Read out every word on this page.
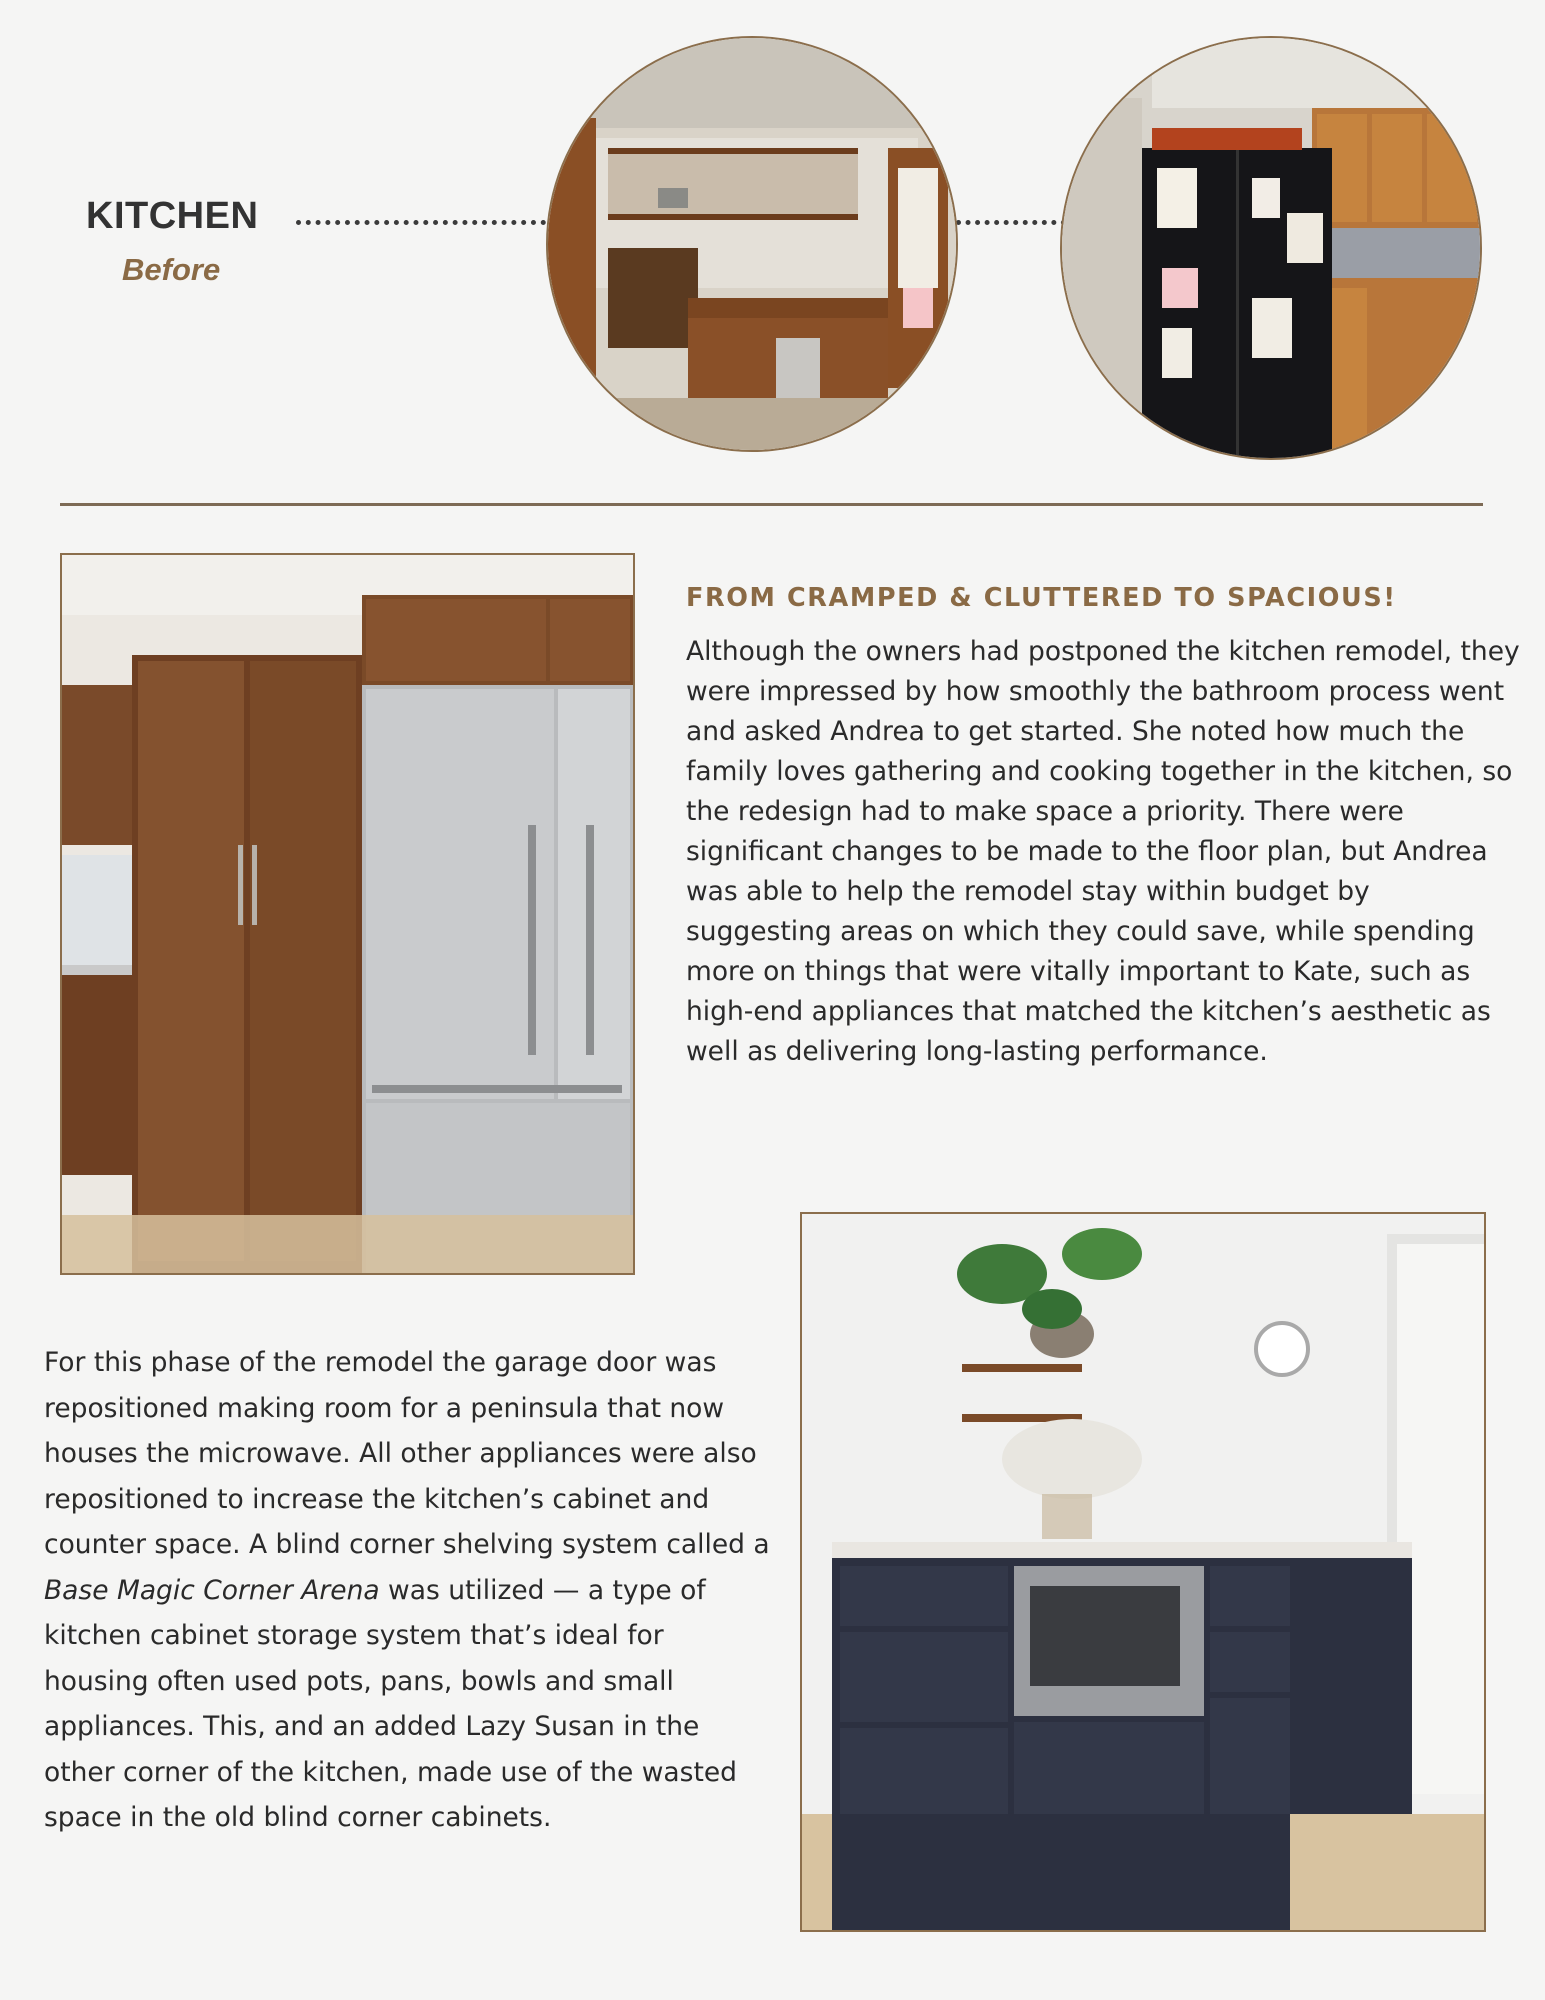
KITCHEN
Before
FROM CRAMPED & CLUTTERED TO SPACIOUS!
Although the owners had postponed the kitchen remodel, they were impressed by how smoothly the bathroom process went and asked Andrea to get started. She noted how much the family loves gathering and cooking together in the kitchen, so the redesign had to make space a priority. There were significant changes to be made to the floor plan, but Andrea was able to help the remodel stay within budget by suggesting areas on which they could save, while spending more on things that were vitally important to Kate, such as high-end appliances that matched the kitchen’s aesthetic as well as delivering long-lasting performance.
For this phase of the remodel the garage door was repositioned making room for a peninsula that now houses the microwave. All other appliances were also repositioned to increase the kitchen’s cabinet and counter space. A blind corner shelving system called a Base Magic Corner Arena was utilized — a type of kitchen cabinet storage system that’s ideal for housing often used pots, pans, bowls and small appliances. This, and an added Lazy Susan in the other corner of the kitchen, made use of the wasted space in the old blind corner cabinets.
